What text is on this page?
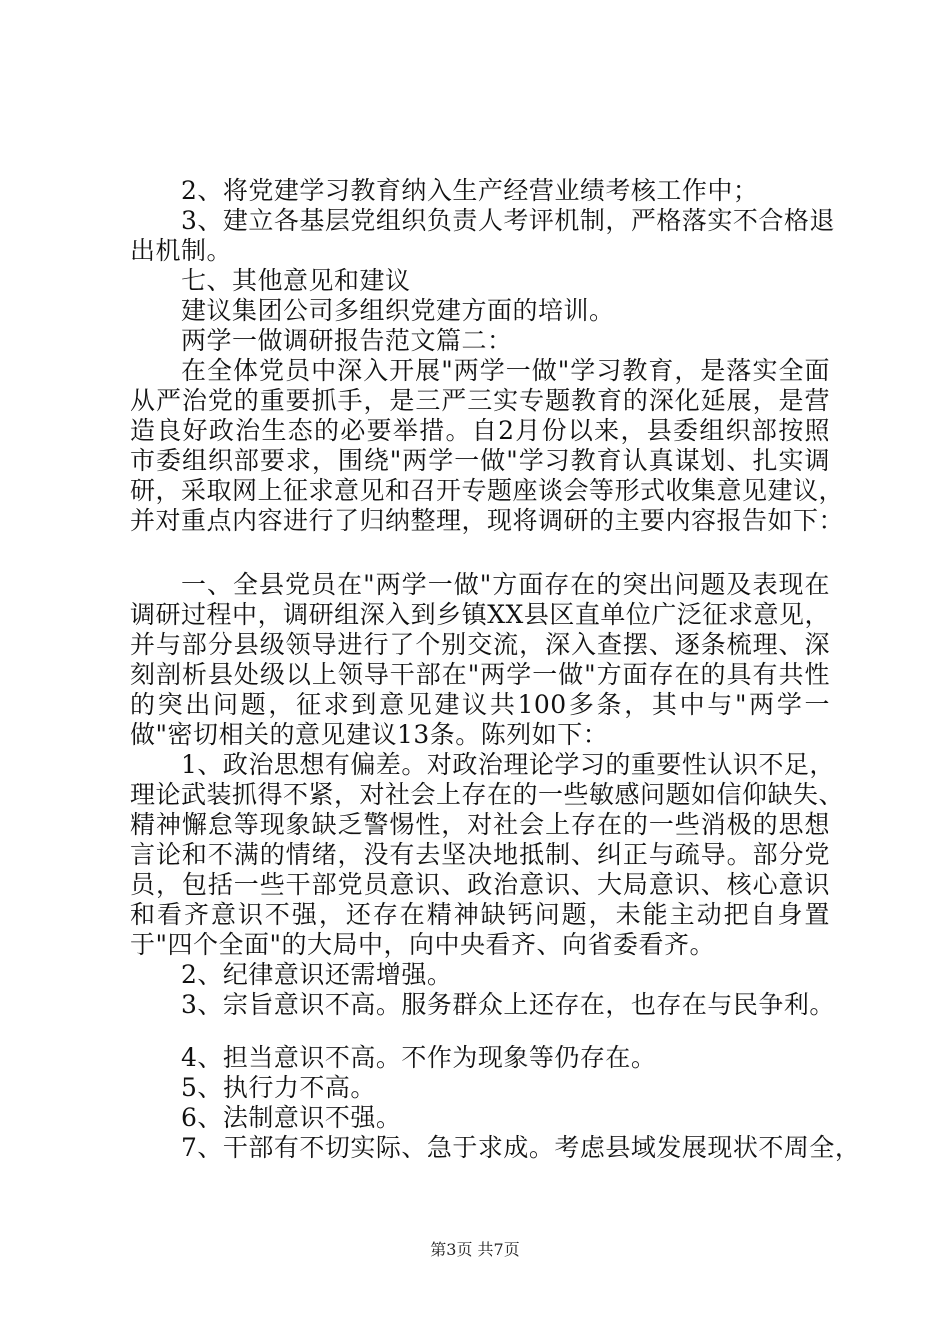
2、将党建学习教育纳入生产经营业绩考核工作中；
3、建立各基层党组织负责人考评机制，严格落实不合格退
出机制。
七、其他意见和建议
建议集团公司多组织党建方面的培训。
两学一做调研报告范文篇二：
在全体党员中深入开展"两学一做"学习教育，是落实全面
从严治党的重要抓手，是三严三实专题教育的深化延展，是营
造良好政治生态的必要举措。自2月份以来，县委组织部按照
市委组织部要求，围绕"两学一做"学习教育认真谋划、扎实调
研，采取网上征求意见和召开专题座谈会等形式收集意见建议，
并对重点内容进行了归纳整理，现将调研的主要内容报告如下：
一、全县党员在"两学一做"方面存在的突出问题及表现在
调研过程中，调研组深入到乡镇XX县区直单位广泛征求意见，
并与部分县级领导进行了个别交流，深入查摆、逐条梳理、深
刻剖析县处级以上领导干部在"两学一做"方面存在的具有共性
的突出问题，征求到意见建议共100多条，其中与"两学一
做"密切相关的意见建议13条。陈列如下：
1、政治思想有偏差。对政治理论学习的重要性认识不足，
理论武装抓得不紧，对社会上存在的一些敏感问题如信仰缺失、
精神懈怠等现象缺乏警惕性，对社会上存在的一些消极的思想
言论和不满的情绪，没有去坚决地抵制、纠正与疏导。部分党
员，包括一些干部党员意识、政治意识、大局意识、核心意识
和看齐意识不强，还存在精神缺钙问题，未能主动把自身置
于"四个全面"的大局中，向中央看齐、向省委看齐。
2、纪律意识还需增强。
3、宗旨意识不高。服务群众上还存在，也存在与民争利。
4、担当意识不高。不作为现象等仍存在。
5、执行力不高。
6、法制意识不强。
7、干部有不切实际、急于求成。考虑县域发展现状不周全，
第3页 共7页
